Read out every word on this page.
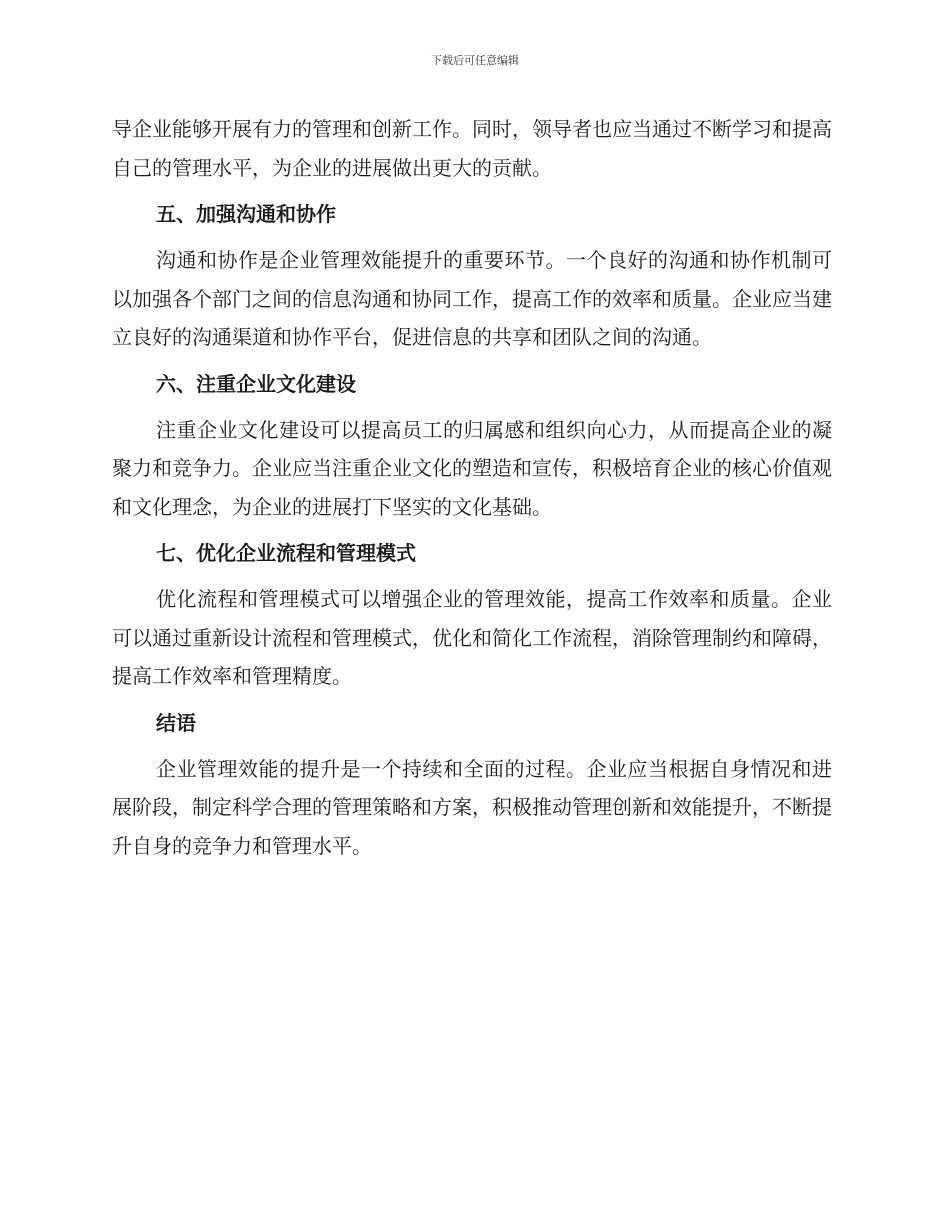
下载后可任意编辑

导企业能够开展有力的管理和创新工作。同时，领导者也应当通过不断学习和提高自己的管理水平，为企业的进展做出更大的贡献。

五、加强沟通和协作

沟通和协作是企业管理效能提升的重要环节。一个良好的沟通和协作机制可以加强各个部门之间的信息沟通和协同工作，提高工作的效率和质量。企业应当建立良好的沟通渠道和协作平台，促进信息的共享和团队之间的沟通。

六、注重企业文化建设

注重企业文化建设可以提高员工的归属感和组织向心力，从而提高企业的凝聚力和竞争力。企业应当注重企业文化的塑造和宣传，积极培育企业的核心价值观和文化理念，为企业的进展打下坚实的文化基础。

七、优化企业流程和管理模式

优化流程和管理模式可以增强企业的管理效能，提高工作效率和质量。企业可以通过重新设计流程和管理模式，优化和简化工作流程，消除管理制约和障碍，提高工作效率和管理精度。

结语

企业管理效能的提升是一个持续和全面的过程。企业应当根据自身情况和进展阶段，制定科学合理的管理策略和方案，积极推动管理创新和效能提升，不断提升自身的竞争力和管理水平。
